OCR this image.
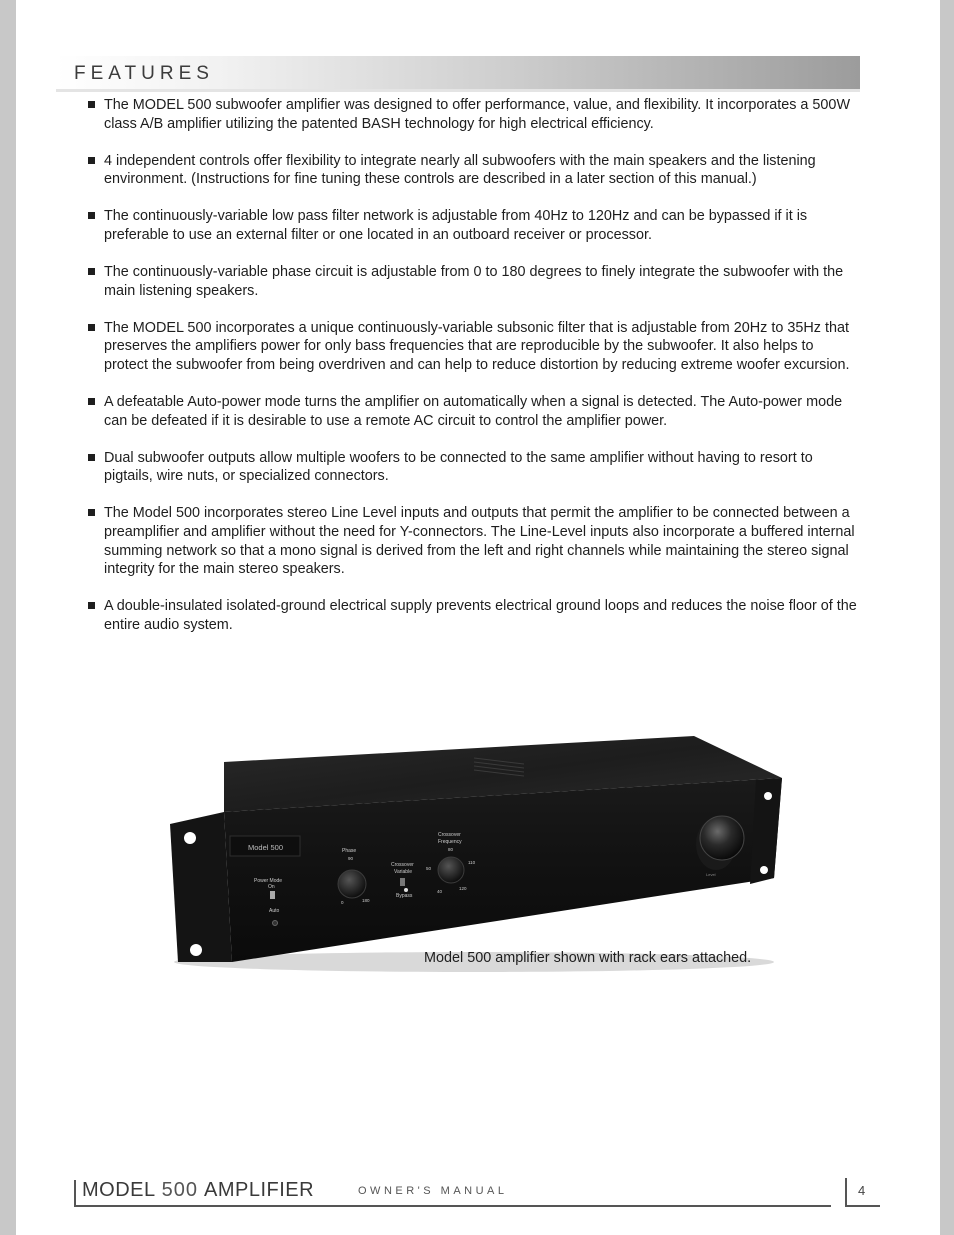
FEATURES
The MODEL 500 subwoofer amplifier was designed to offer performance, value, and flexibility. It incorporates a 500W class A/B amplifier utilizing the patented BASH technology for high electrical efficiency.
4 independent controls offer flexibility to integrate nearly all subwoofers with the main speakers and the listening environment. (Instructions for fine tuning these controls are described in a later section of this manual.)
The continuously-variable low pass filter network is adjustable from 40Hz to 120Hz and can be bypassed if it is preferable to use an external filter or one located in an outboard receiver or processor.
The continuously-variable phase circuit is adjustable from 0 to 180 degrees to finely integrate the subwoofer with the main listening speakers.
The MODEL 500 incorporates a unique continuously-variable subsonic filter that is adjustable from 20Hz to 35Hz that preserves the amplifiers power for only bass frequencies that are reproducible by the subwoofer. It also helps to protect the subwoofer from being overdriven and can help to reduce distortion by reducing extreme woofer excursion.
A defeatable Auto-power mode turns the amplifier on automatically when a signal is detected. The Auto-power mode can be defeated if it is desirable to use a remote AC circuit to control the amplifier power.
Dual subwoofer outputs allow multiple woofers to be connected to the same amplifier without having to resort to pigtails, wire nuts, or specialized connectors.
The Model 500 incorporates stereo Line Level inputs and outputs that permit the amplifier to be connected between a preamplifier and amplifier without the need for Y-connectors. The Line-Level inputs also incorporate a buffered internal summing network so that a mono signal is derived from the left and right channels while maintaining the stereo signal integrity for the main stereo speakers.
A double-insulated isolated-ground electrical supply prevents electrical ground loops and reduces the noise floor of the entire audio system.
Model 500
Power Mode
On
Auto
Phase
90
0	180
Crossover
Variable
Bypass
Crossover
Frequency
80
50
110
40
120
Level
Model 500 amplifier shown with rack ears attached.
MODEL 500 AMPLIFIER	OWNER'S MANUAL	4
